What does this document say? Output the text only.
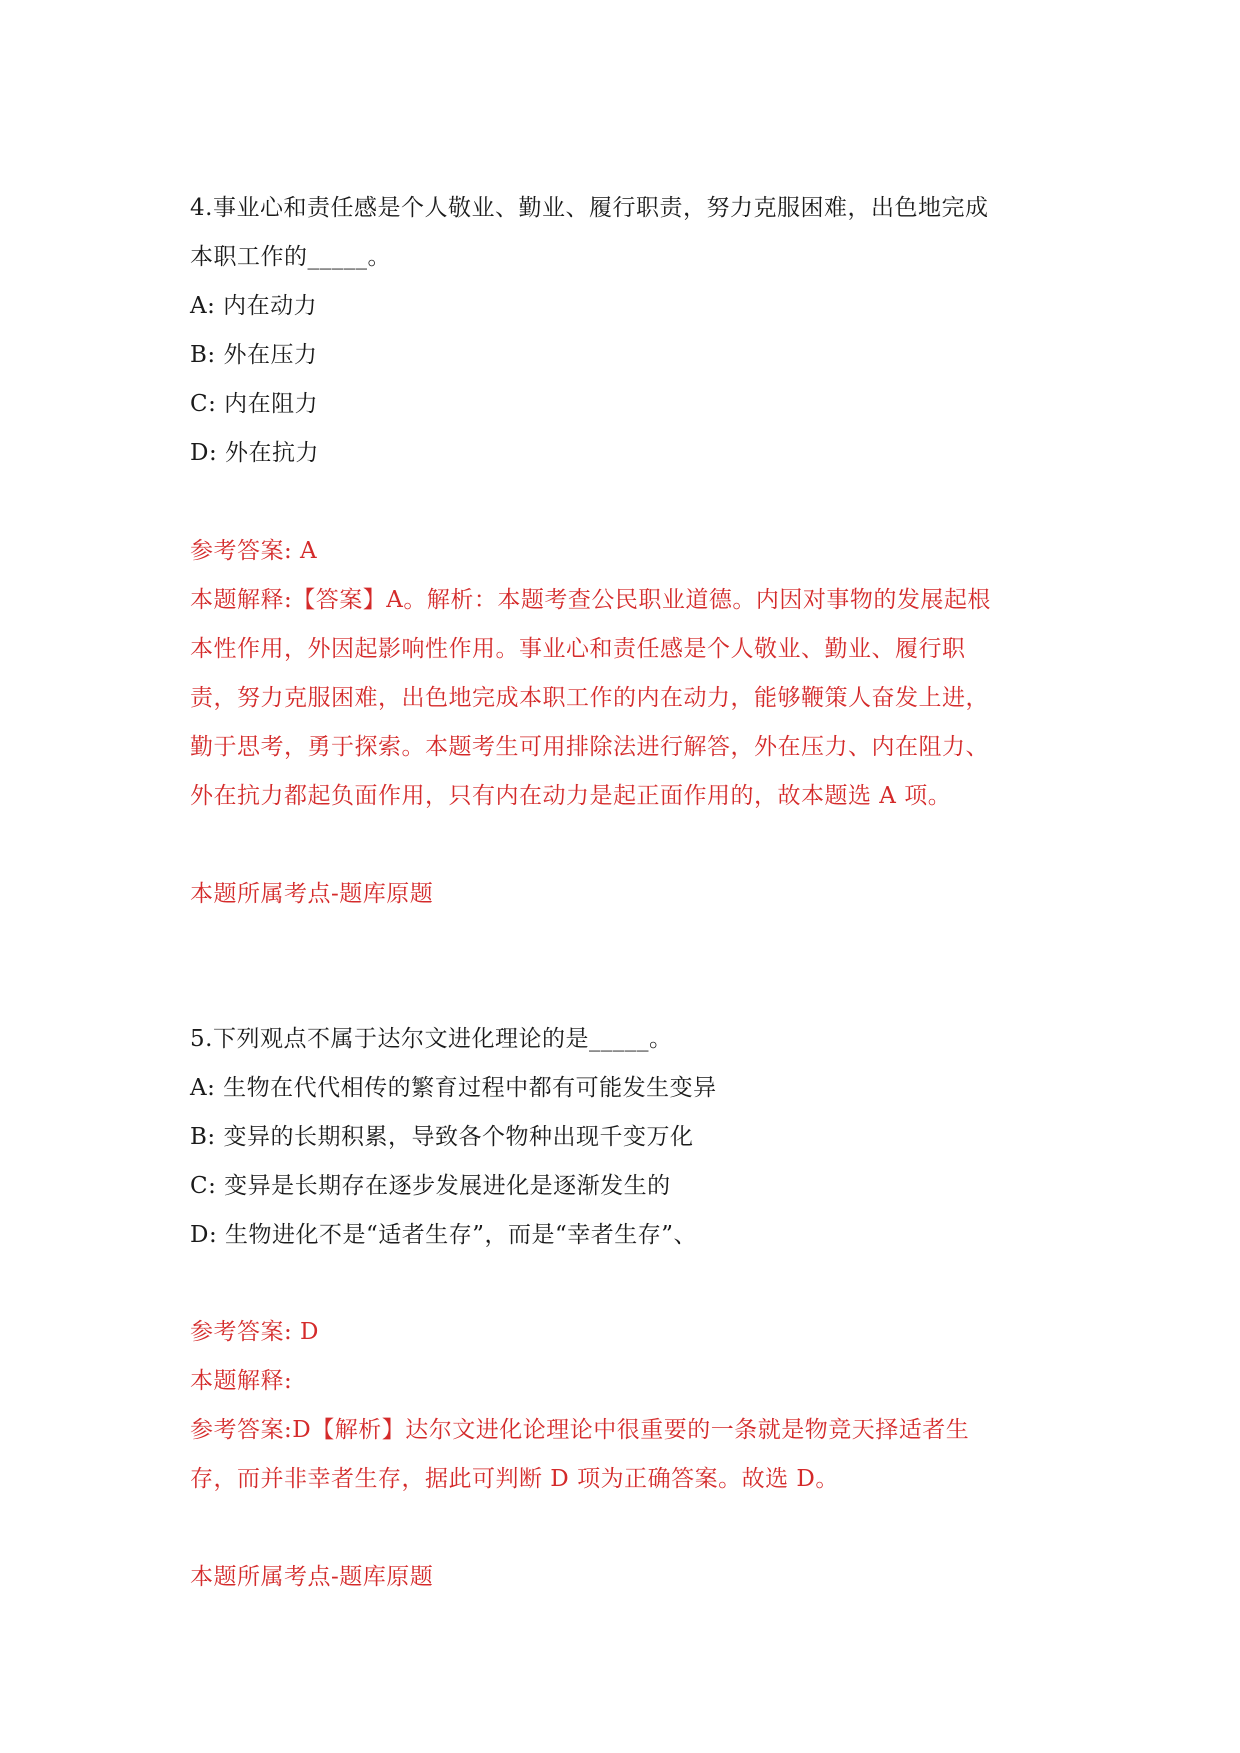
4.事业心和责任感是个人敬业、勤业、履行职责，努力克服困难，出色地完成
本职工作的_____。
A: 内在动力
B: 外在压力
C: 内在阻力
D: 外在抗力
参考答案: A
本题解释:【答案】A。解析：本题考查公民职业道德。内因对事物的发展起根
本性作用，外因起影响性作用。事业心和责任感是个人敬业、勤业、履行职
责，努力克服困难，出色地完成本职工作的内在动力，能够鞭策人奋发上进，
勤于思考，勇于探索。本题考生可用排除法进行解答，外在压力、内在阻力、
外在抗力都起负面作用，只有内在动力是起正面作用的，故本题选 A 项。
本题所属考点-题库原题
5.下列观点不属于达尔文进化理论的是_____。
A: 生物在代代相传的繁育过程中都有可能发生变异
B: 变异的长期积累，导致各个物种出现千变万化
C: 变异是长期存在逐步发展进化是逐渐发生的
D: 生物进化不是“适者生存”，而是“幸者生存”、
参考答案: D
本题解释:
参考答案:D【解析】达尔文进化论理论中很重要的一条就是物竞天择适者生
存，而并非幸者生存，据此可判断 D 项为正确答案。故选 D。
本题所属考点-题库原题
